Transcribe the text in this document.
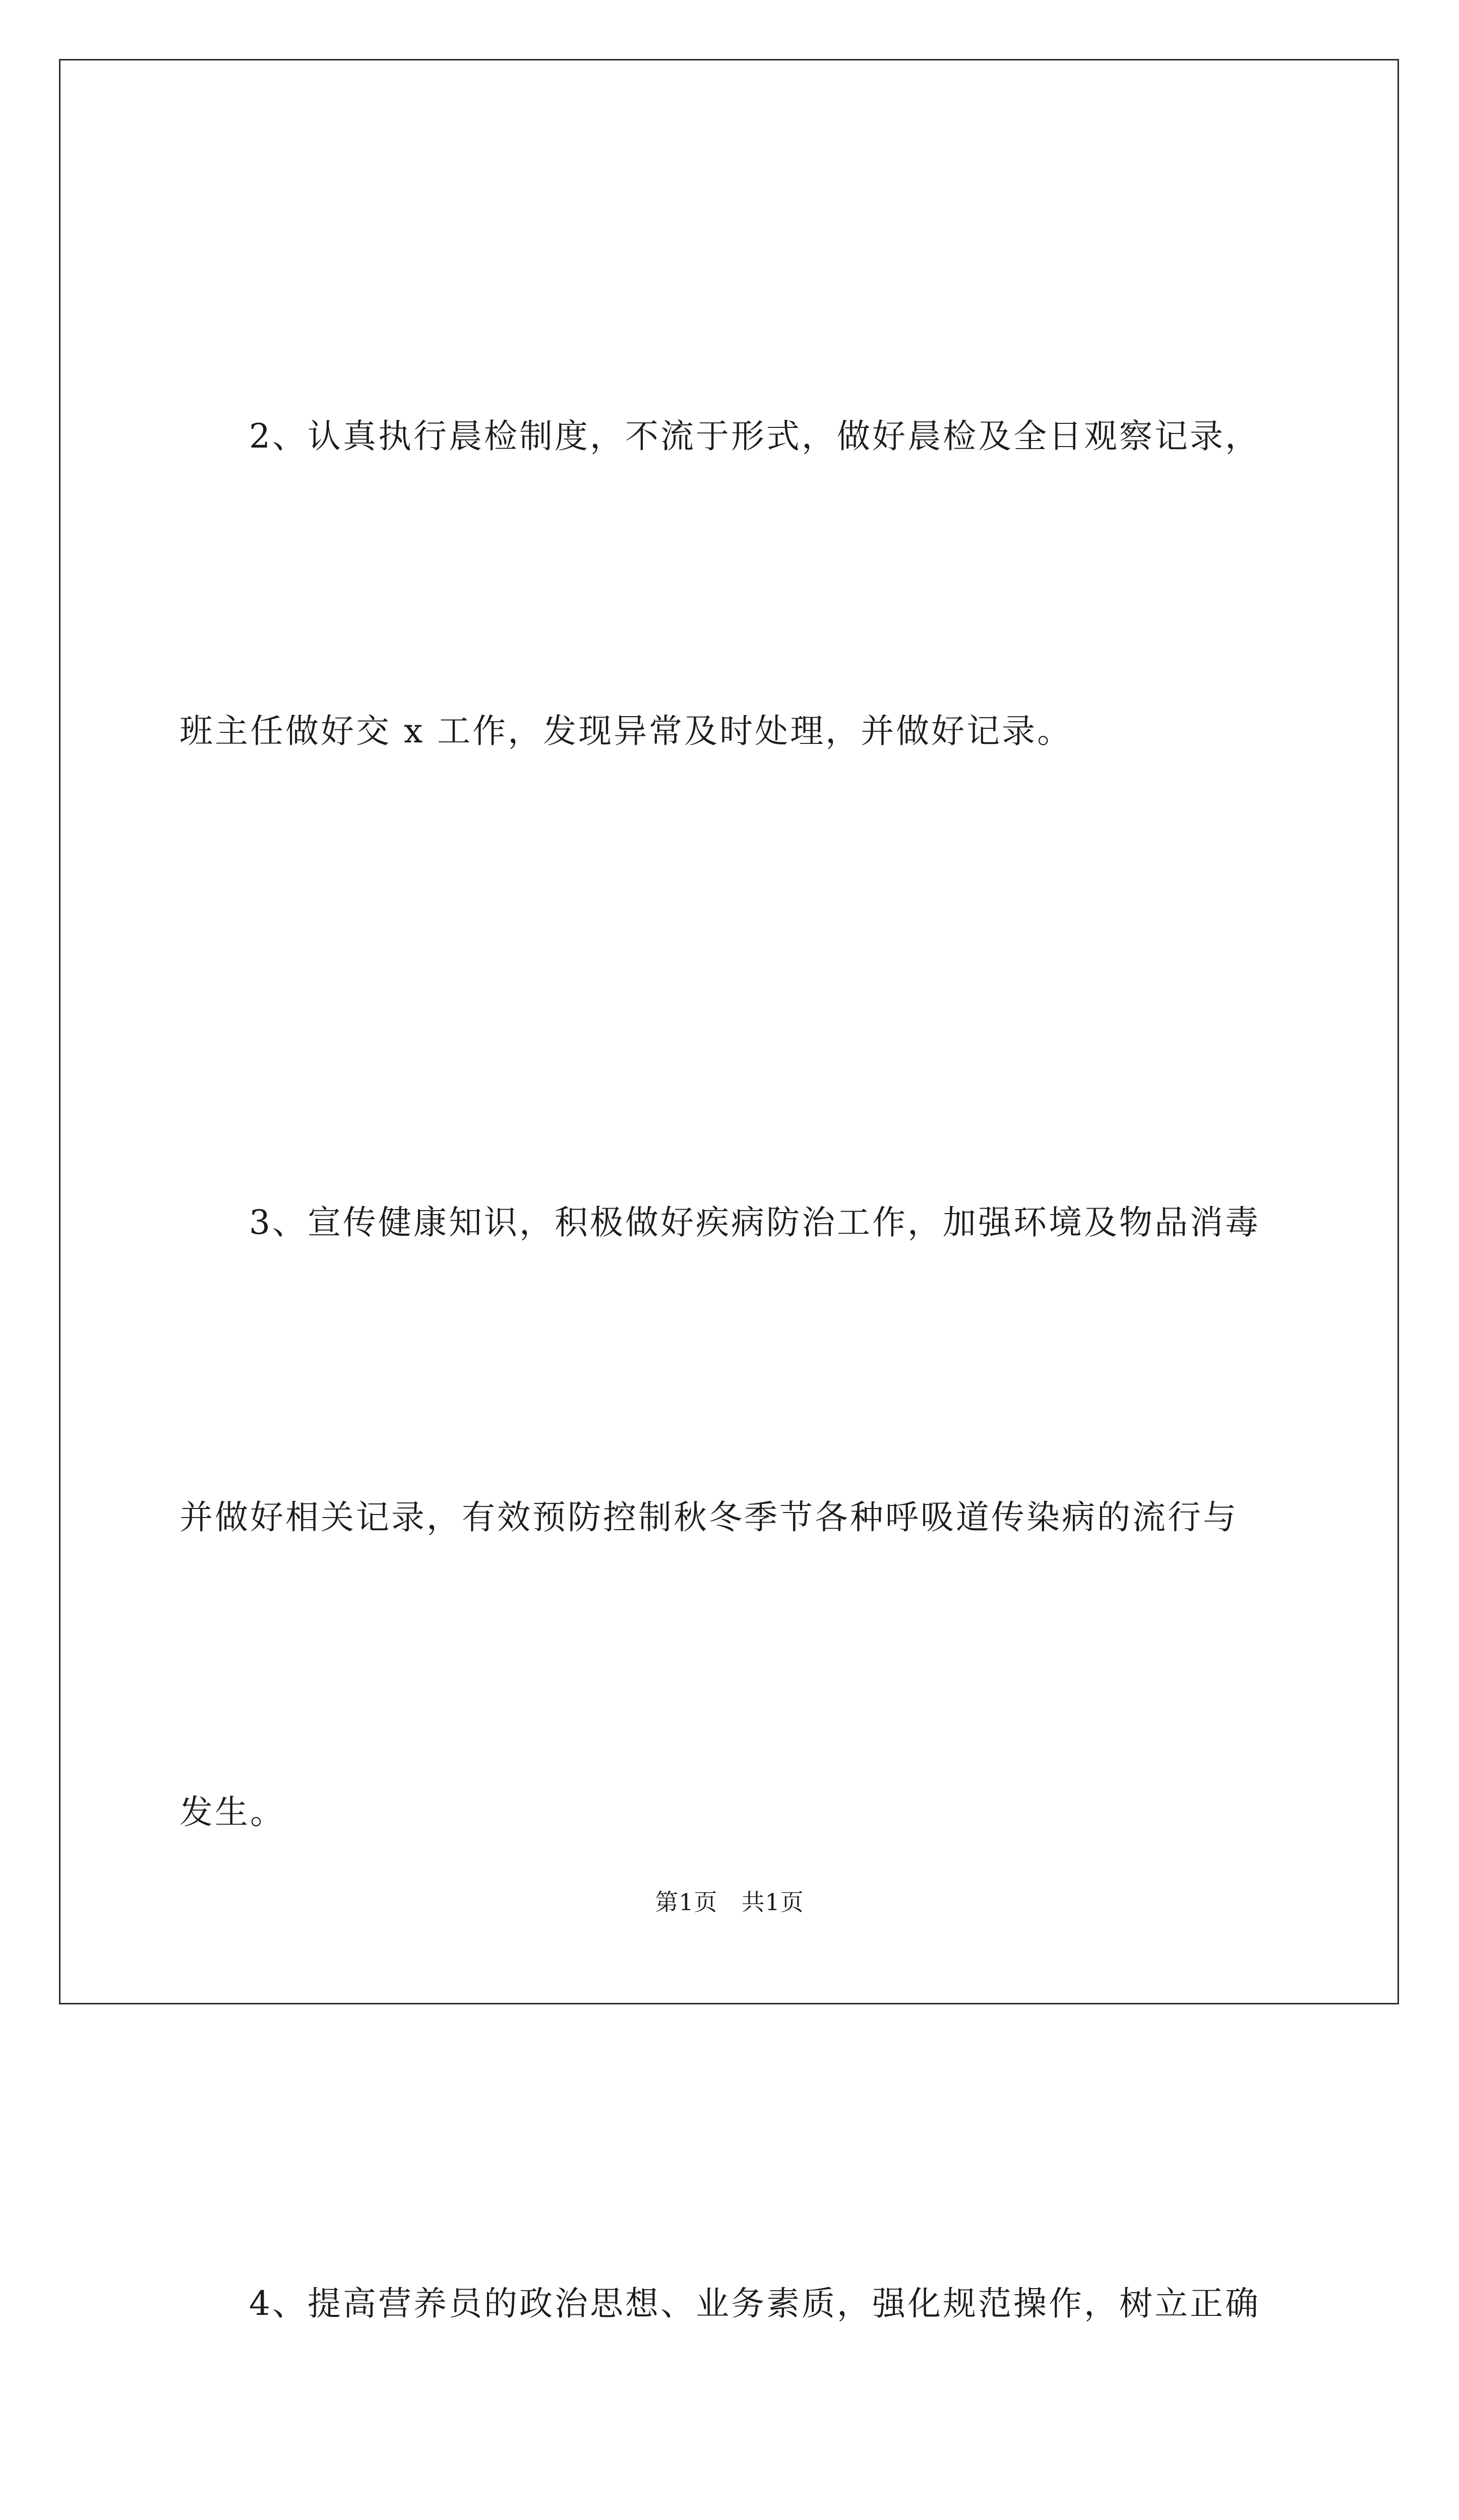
2、认真执行晨检制度，不流于形式，做好晨检及全日观察记录，

班主任做好交 x 工作，发现异常及时处理，并做好记录。

3、宣传健康知识，积极做好疾病防治工作，加强环境及物品消毒

并做好相关记录，有效预防控制秋冬季节各种呼吸道传染病的流行与

发生。

4、提高营养员的政治思想、业务素质，强化规范操作，树立正确

第1页　共1页
